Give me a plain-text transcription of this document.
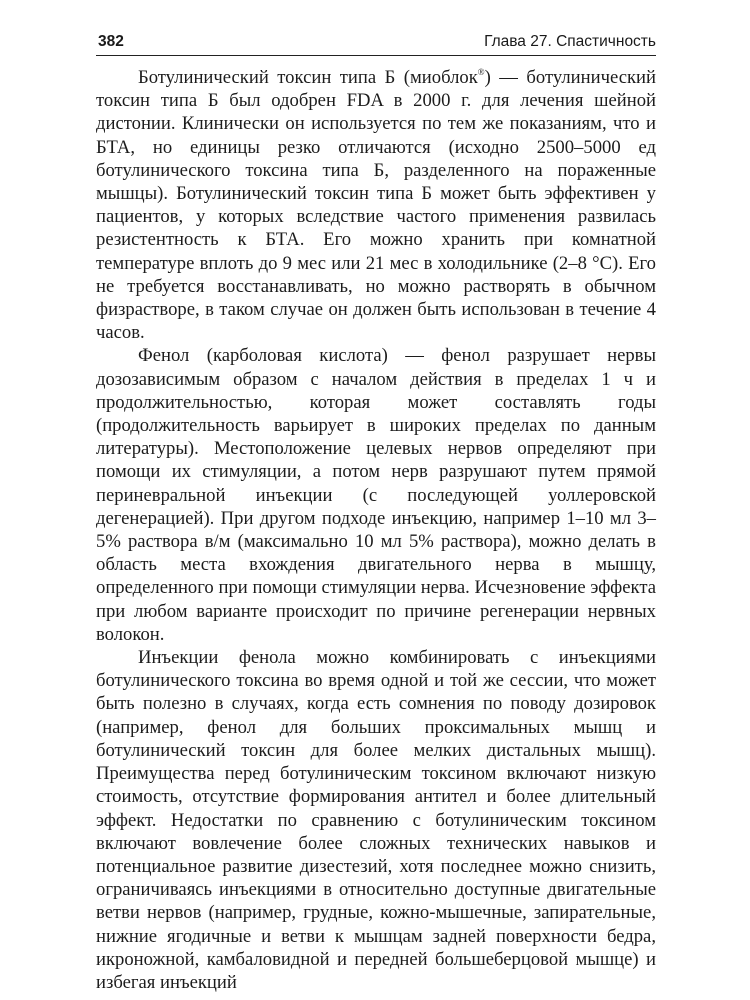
382	Глава 27. Спастичность

Ботулинический токсин типа Б (миоблок®) — ботулинический токсин типа Б был одобрен FDA в 2000 г. для лечения шейной дистонии. Клинически он используется по тем же показаниям, что и БТА, но единицы резко отличаются (исходно 2500–5000 ед ботулинического токсина типа Б, разделенного на пораженные мышцы). Ботулинический токсин типа Б может быть эффективен у пациентов, у которых вследствие частого применения развилась резистентность к БТА. Его можно хранить при комнатной температуре вплоть до 9 мес или 21 мес в холодильнике (2–8 °С). Его не требуется восстанавливать, но можно растворять в обычном физрастворе, в таком случае он должен быть использован в течение 4 часов.

Фенол (карболовая кислота) — фенол разрушает нервы дозозависимым образом с началом действия в пределах 1 ч и продолжительностью, которая может составлять годы (продолжительность варьирует в широких пределах по данным литературы). Местоположение целевых нервов определяют при помощи их стимуляции, а потом нерв разрушают путем прямой периневральной инъекции (с последующей уоллеровской дегенерацией). При другом подходе инъекцию, например 1–10 мл 3–5% раствора в/м (максимально 10 мл 5% раствора), можно делать в область места вхождения двигательного нерва в мышцу, определенного при помощи стимуляции нерва. Исчезновение эффекта при любом варианте происходит по причине регенерации нервных волокон.

Инъекции фенола можно комбинировать с инъекциями ботулинического токсина во время одной и той же сессии, что может быть полезно в случаях, когда есть сомнения по поводу дозировок (например, фенол для больших проксимальных мышц и ботулинический токсин для более мелких дистальных мышц). Преимущества перед ботулиническим токсином включают низкую стоимость, отсутствие формирования антител и более длительный эффект. Недостатки по сравнению с ботулиническим токсином включают вовлечение более сложных технических навыков и потенциальное развитие дизестезий, хотя последнее можно снизить, ограничиваясь инъекциями в относительно доступные двигательные ветви нервов (например, грудные, кожно-мышечные, запирательные, нижние ягодичные и ветви к мышцам задней поверхности бедра, икроножной, камбаловидной и передней большеберцовой мышце) и избегая инъекций
